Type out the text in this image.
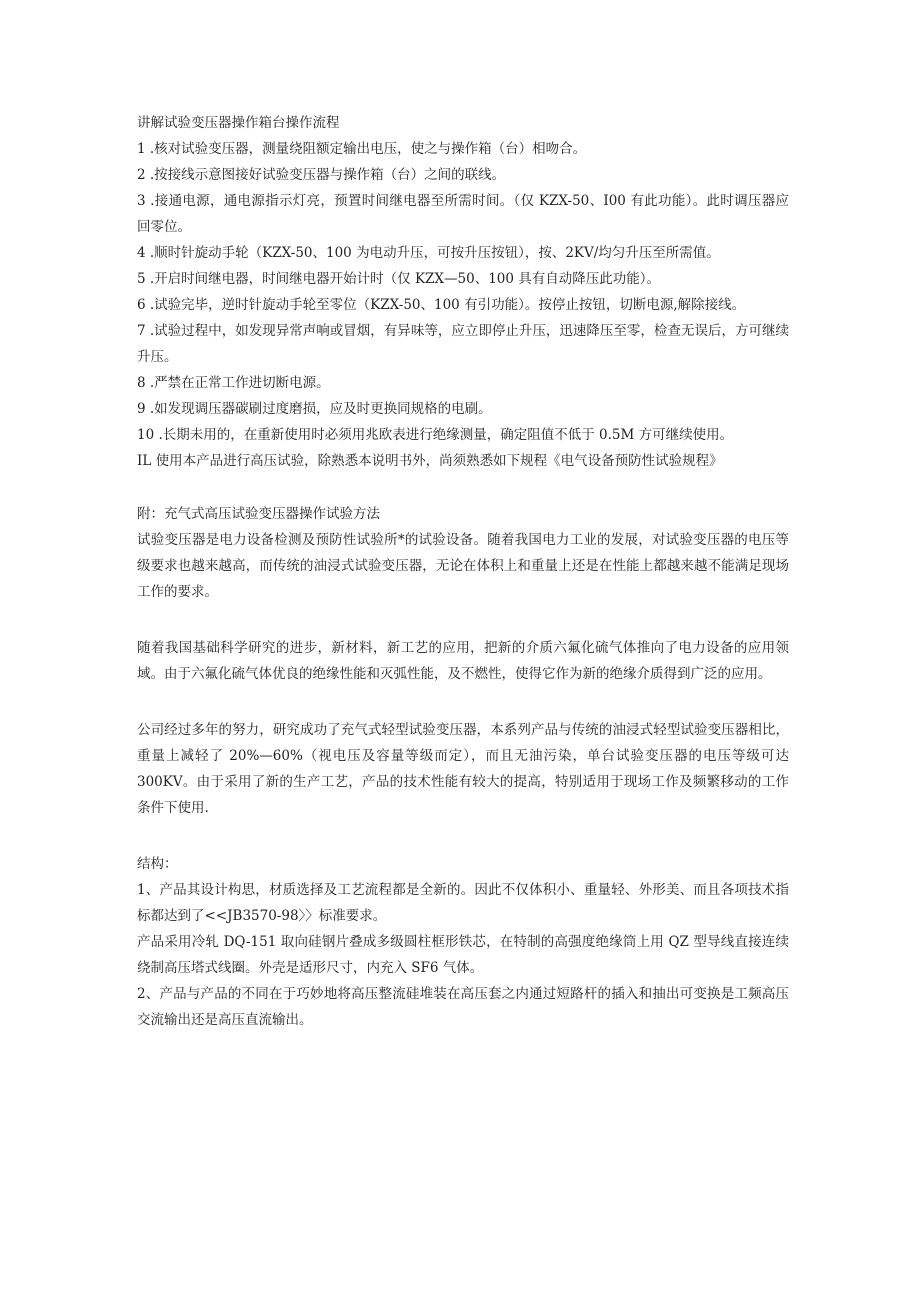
讲解试验变压器操作箱台操作流程

1 .核对试验变压器，测量绕阻额定输出电压，使之与操作箱（台）相吻合。

2 .按接线示意图接好试验变压器与操作箱（台）之间的联线。

3 .接通电源，通电源指示灯亮，预置时间继电器至所需时间。（仅 KZX-50、I00 有此功能）。此时调压器应回零位。

4 .顺时针旋动手轮（KZX-50、100 为电动升压，可按升压按钮），按、2KV/均匀升压至所需值。

5 .开启时间继电器，时间继电器开始计时（仅 KZX—50、100 具有自动降压此功能）。

6 .试验完毕，逆时针旋动手轮至零位（KZX-50、100 有引功能）。按停止按钮，切断电源,解除接线。

7 .试验过程中，如发现异常声响或冒烟，有异味等，应立即停止升压，迅速降压至零，检查无误后，方可继续升压。

8 .严禁在正常工作进切断电源。

9 .如发现调压器碳刷过度磨损，应及时更换同规格的电刷。

10 .长期未用的，在重新使用时必须用兆欧表进行绝缘测量，确定阻值不低于 0.5M 方可继续使用。

IL 使用本产品进行高压试验，除熟悉本说明书外，尚须熟悉如下规程《电气设备预防性试验规程》

附：充气式高压试验变压器操作试验方法

试验变压器是电力设备检测及预防性试验所*的试验设备。随着我国电力工业的发展，对试验变压器的电压等级要求也越来越高，而传统的油浸式试验变压器，无论在体积上和重量上还是在性能上都越来越不能满足现场工作的要求。

随着我国基础科学研究的进步，新材料，新工艺的应用，把新的介质六氟化硫气体推向了电力设备的应用领域。由于六氟化硫气体优良的绝缘性能和灭弧性能，及不燃性，使得它作为新的绝缘介质得到广泛的应用。

公司经过多年的努力，研究成功了充气式轻型试验变压器，本系列产品与传统的油浸式轻型试验变压器相比，重量上减轻了 20%—60%（视电压及容量等级而定），而且无油污染，单台试验变压器的电压等级可达 300KV。由于采用了新的生产工艺，产品的技术性能有较大的提高，特别适用于现场工作及频繁移动的工作条件下使用.

结构：

1、产品其设计构思，材质选择及工艺流程都是全新的。因此不仅体积小、重量轻、外形美、而且各项技术指标都达到了<<JB3570-98〉〉标准要求。

产品采用冷轧 DQ-151 取向硅钢片叠成多级圆柱框形铁芯，在特制的高强度绝缘筒上用 QZ 型导线直接连续绕制高压塔式线圈。外壳是适形尺寸，内充入 SF6 气体。

2、产品与产品的不同在于巧妙地将高压整流硅堆装在高压套之内通过短路杆的插入和抽出可变换是工频高压交流输出还是高压直流输出。
